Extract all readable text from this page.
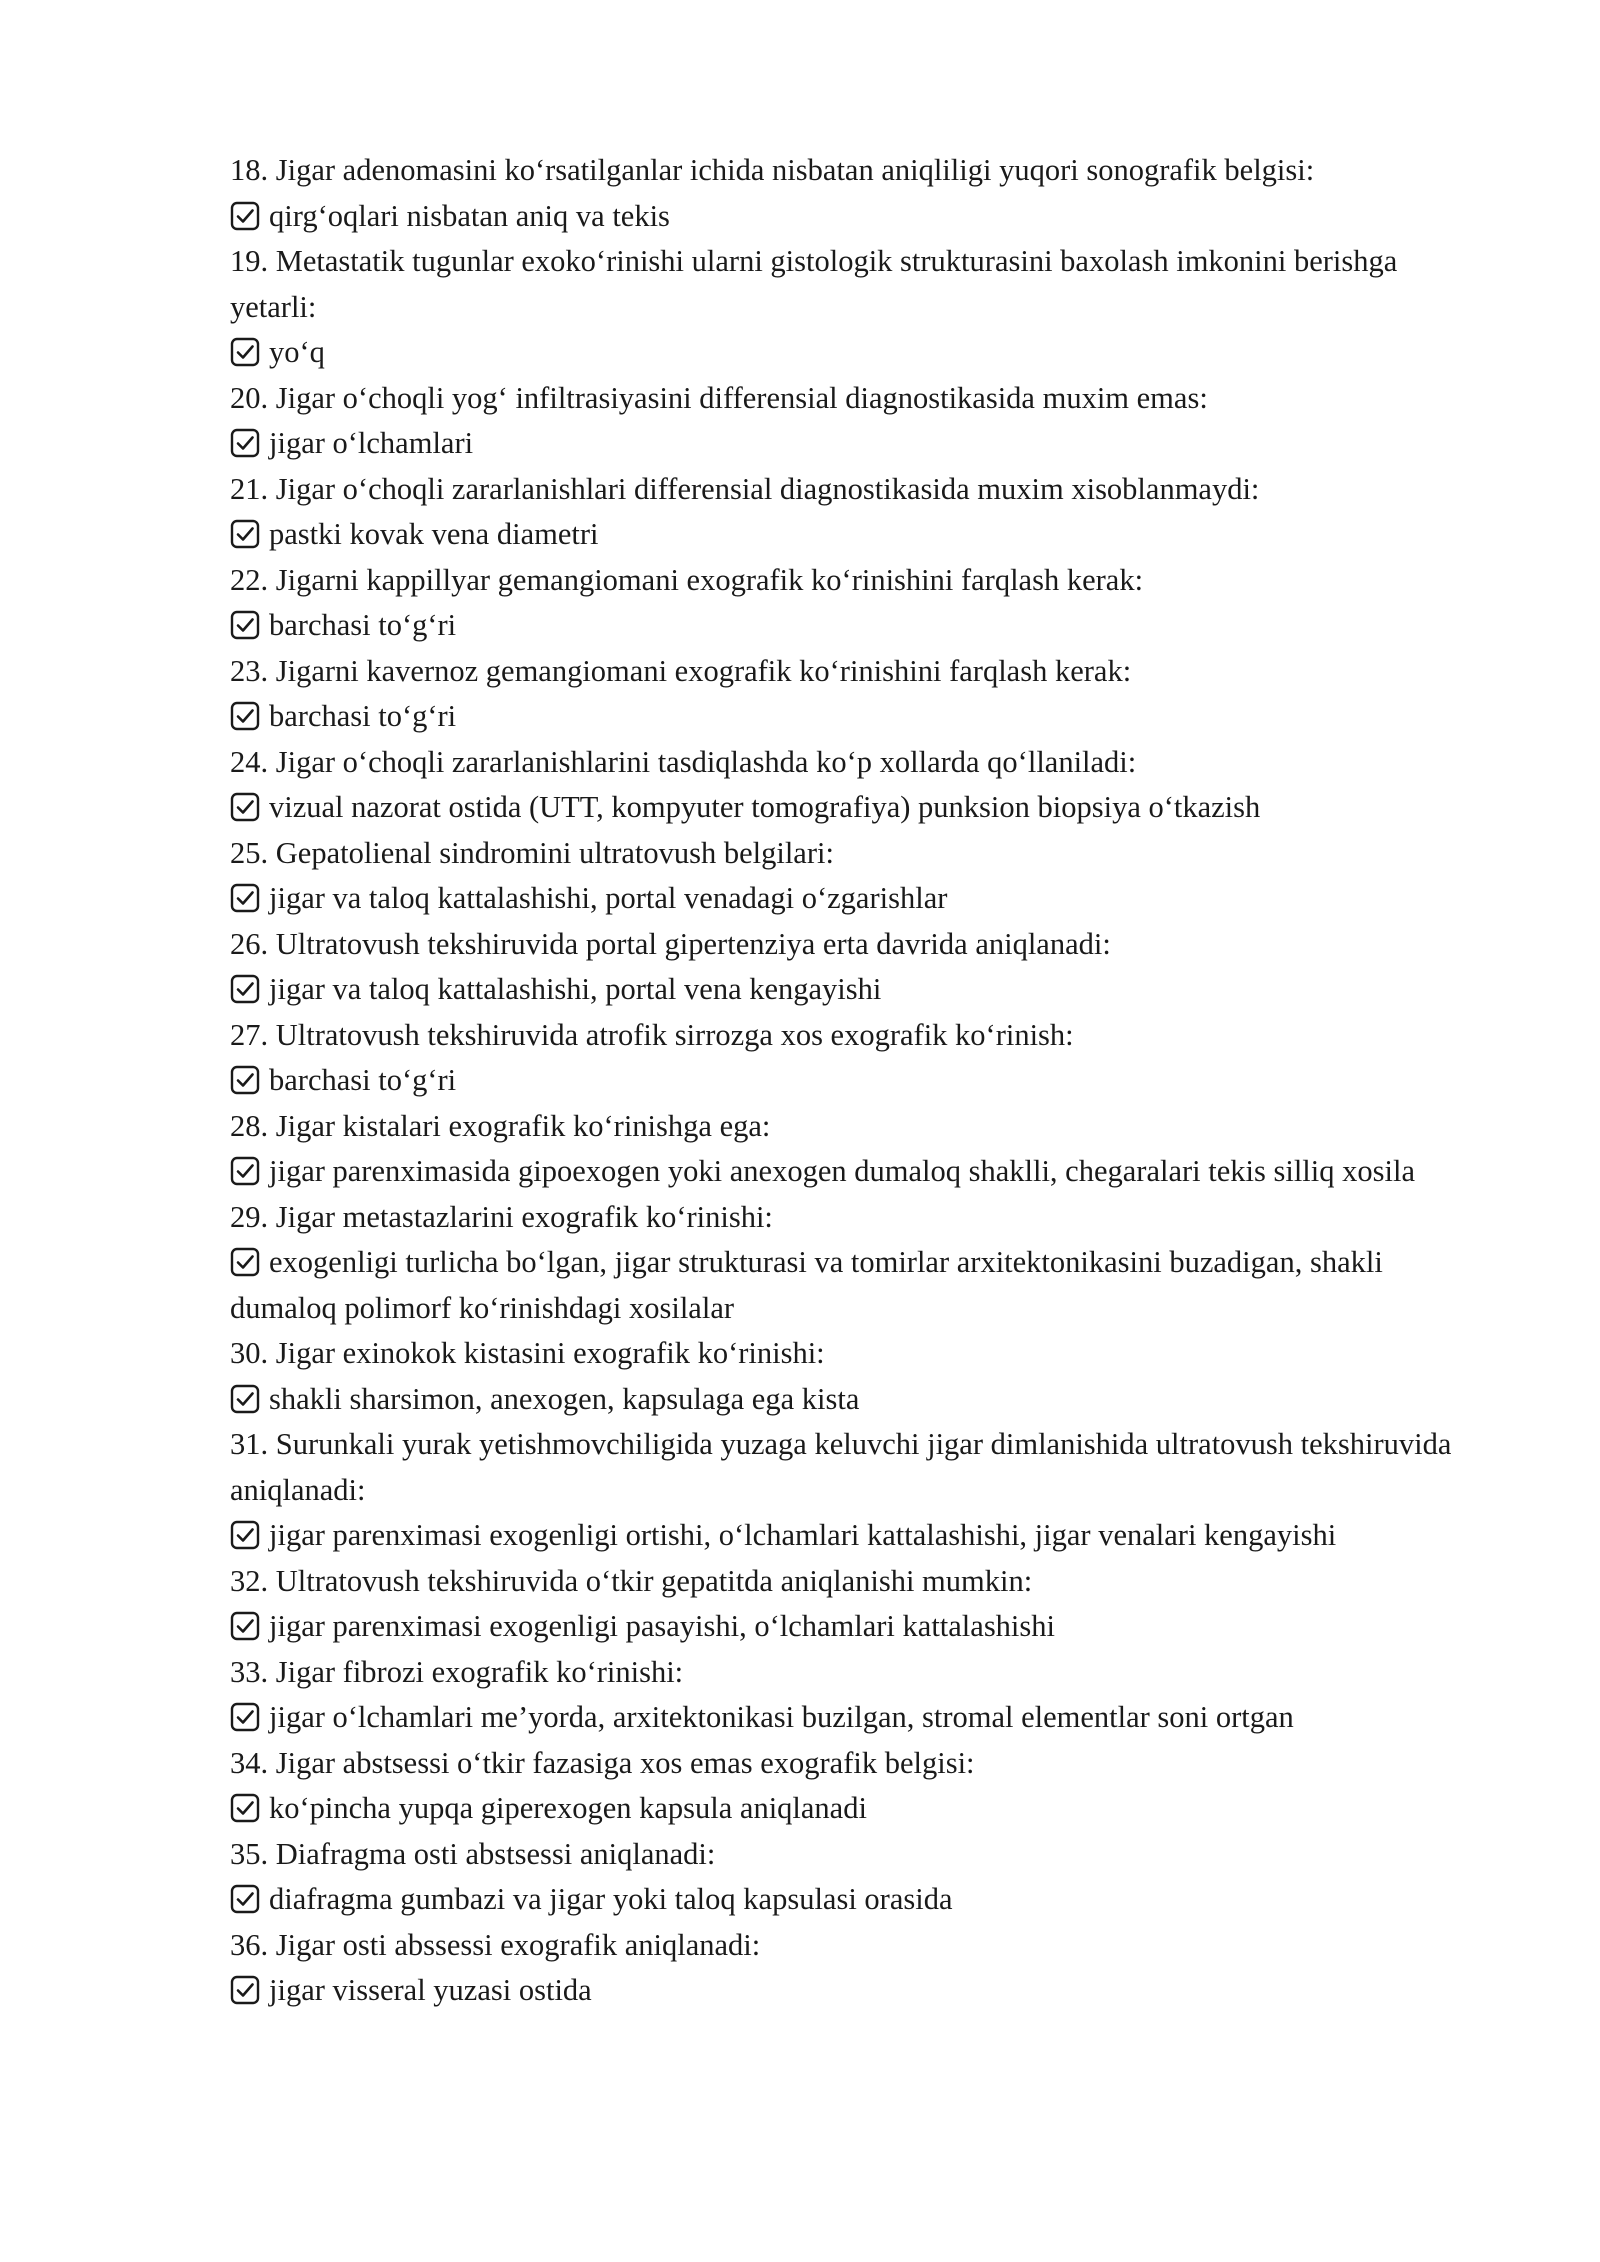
18. Jigar adenomasini ko‘rsatilganlar ichida nisbatan aniqliligi yuqori sonografik belgisi:

qirg‘oqlari nisbatan aniq va tekis

19. Metastatik tugunlar exoko‘rinishi ularni gistologik strukturasini baxolash imkonini berishga yetarli:

yo‘q

20. Jigar o‘choqli yog‘ infiltrasiyasini differensial diagnostikasida muxim emas:

jigar o‘lchamlari

21. Jigar o‘choqli zararlanishlari differensial diagnostikasida muxim xisoblanmaydi:

pastki kovak vena diametri

22. Jigarni kappillyar gemangiomani exografik ko‘rinishini farqlash kerak:

barchasi to‘g‘ri

23. Jigarni kavernoz gemangiomani exografik ko‘rinishini farqlash kerak:

barchasi to‘g‘ri

24. Jigar o‘choqli zararlanishlarini tasdiqlashda ko‘p xollarda qo‘llaniladi:

vizual nazorat ostida (UTT, kompyuter tomografiya) punksion biopsiya o‘tkazish

25. Gepatolienal sindromini ultratovush belgilari:

jigar va taloq kattalashishi, portal venadagi o‘zgarishlar

26. Ultratovush tekshiruvida portal gipertenziya erta davrida aniqlanadi:

jigar va taloq kattalashishi, portal vena kengayishi

27. Ultratovush tekshiruvida atrofik sirrozga xos exografik ko‘rinish:

barchasi to‘g‘ri

28. Jigar kistalari exografik ko‘rinishga ega:

jigar parenximasida gipoexogen yoki anexogen dumaloq shaklli, chegaralari tekis silliq xosila

29. Jigar metastazlarini exografik ko‘rinishi:

exogenligi turlicha bo‘lgan, jigar strukturasi va tomirlar arxitektonikasini buzadigan, shakli dumaloq polimorf ko‘rinishdagi xosilalar

30. Jigar exinokok kistasini exografik ko‘rinishi:

shakli sharsimon, anexogen, kapsulaga ega kista

31. Surunkali yurak yetishmovchiligida yuzaga keluvchi jigar dimlanishida ultratovush tekshiruvida aniqlanadi:

jigar parenximasi exogenligi ortishi, o‘lchamlari kattalashishi, jigar venalari kengayishi

32. Ultratovush tekshiruvida o‘tkir gepatitda aniqlanishi mumkin:

jigar parenximasi exogenligi pasayishi, o‘lchamlari kattalashishi

33. Jigar fibrozi exografik ko‘rinishi:

jigar o‘lchamlari me’yorda, arxitektonikasi buzilgan, stromal elementlar soni ortgan

34. Jigar abstsessi o‘tkir fazasiga xos emas exografik belgisi:

ko‘pincha yupqa giperexogen kapsula aniqlanadi

35. Diafragma osti abstsessi aniqlanadi:

diafragma gumbazi va jigar yoki taloq kapsulasi orasida

36. Jigar osti abssessi exografik aniqlanadi:

jigar visseral yuzasi ostida
